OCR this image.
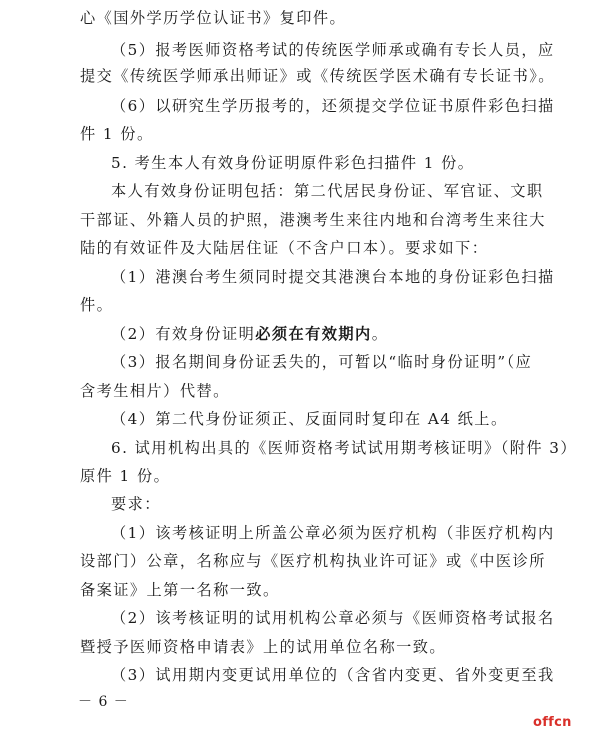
心《国外学历学位认证书》复印件。
（5）报考医师资格考试的传统医学师承或确有专长人员，应
提交《传统医学师承出师证》或《传统医学医术确有专长证书》。
（6）以研究生学历报考的，还须提交学位证书原件彩色扫描
件 1 份。
5. 考生本人有效身份证明原件彩色扫描件 1 份。
本人有效身份证明包括：第二代居民身份证、军官证、文职
干部证、外籍人员的护照，港澳考生来往内地和台湾考生来往大
陆的有效证件及大陆居住证（不含户口本）。要求如下：
（1）港澳台考生须同时提交其港澳台本地的身份证彩色扫描
件。
（2）有效身份证明必须在有效期内。
（3）报名期间身份证丢失的，可暂以“临时身份证明”（应
含考生相片）代替。
（4）第二代身份证须正、反面同时复印在 A4 纸上。
6. 试用机构出具的《医师资格考试试用期考核证明》（附件 3）
原件 1 份。
要求：
（1）该考核证明上所盖公章必须为医疗机构（非医疗机构内
设部门）公章，名称应与《医疗机构执业许可证》或《中医诊所
备案证》上第一名称一致。
（2）该考核证明的试用机构公章必须与《医师资格考试报名
暨授予医师资格申请表》上的试用单位名称一致。
（3）试用期内变更试用单位的（含省内变更、省外变更至我
－ 6 －
offcn
